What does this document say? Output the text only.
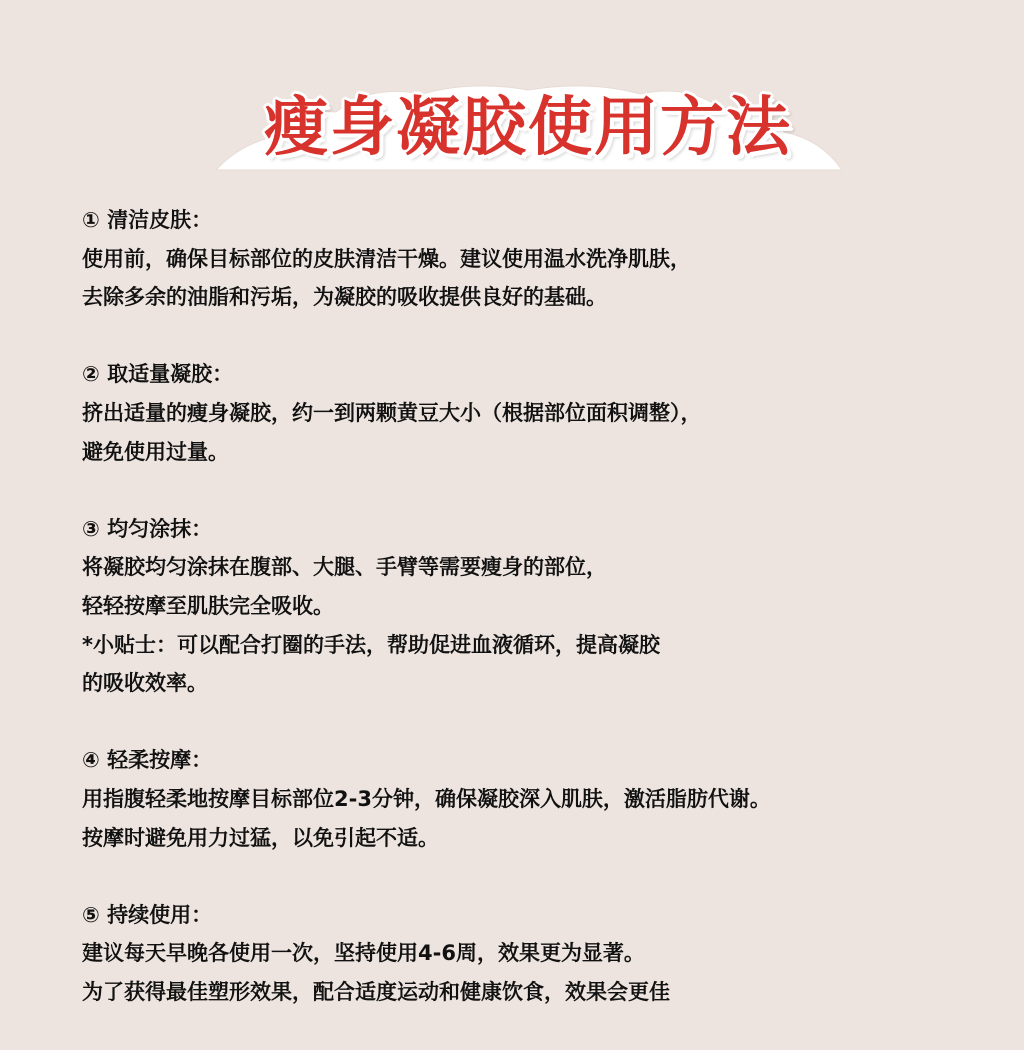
瘦身凝胶使用方法
① 清洁皮肤：
使用前，确保目标部位的皮肤清洁干燥。建议使用温水洗净肌肤，
去除多余的油脂和污垢，为凝胶的吸收提供良好的基础。
② 取适量凝胶：
挤出适量的瘦身凝胶，约一到两颗黄豆大小（根据部位面积调整），
避免使用过量。
③ 均匀涂抹：
将凝胶均匀涂抹在腹部、大腿、手臂等需要瘦身的部位，
轻轻按摩至肌肤完全吸收。
*小贴士：可以配合打圈的手法，帮助促进血液循环，提高凝胶
的吸收效率。
④ 轻柔按摩：
用指腹轻柔地按摩目标部位2-3分钟，确保凝胶深入肌肤，激活脂肪代谢。
按摩时避免用力过猛，以免引起不适。
⑤ 持续使用：
建议每天早晚各使用一次，坚持使用4-6周，效果更为显著。
为了获得最佳塑形效果，配合适度运动和健康饮食，效果会更佳
